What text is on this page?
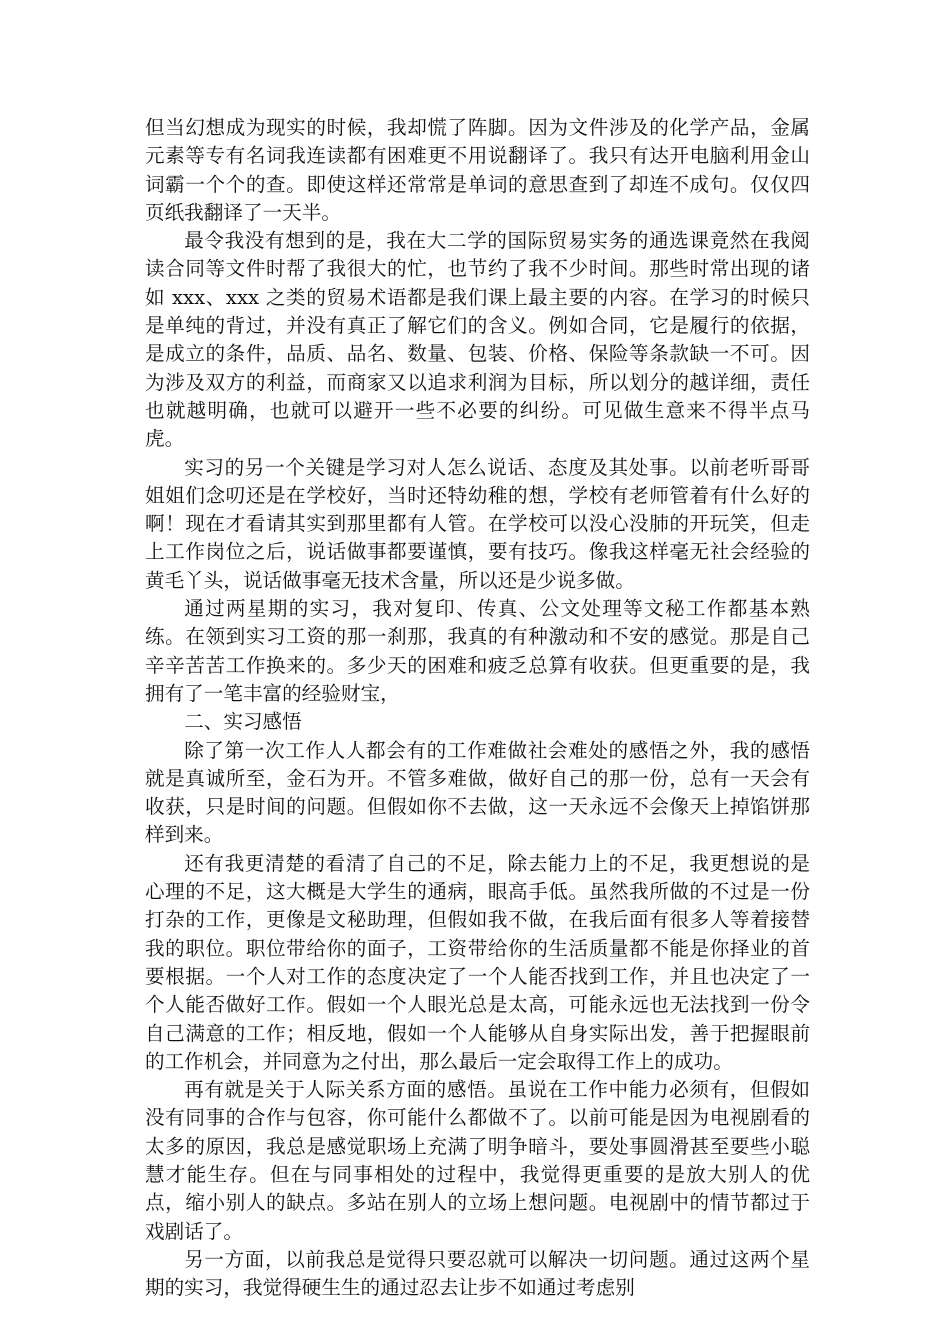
但当幻想成为现实的时候，我却慌了阵脚。因为文件涉及的化学产品，金属元素等专有名词我连读都有困难更不用说翻译了。我只有达开电脑利用金山词霸一个个的查。即使这样还常常是单词的意思查到了却连不成句。仅仅四页纸我翻译了一天半。

最令我没有想到的是，我在大二学的国际贸易实务的通选课竟然在我阅读合同等文件时帮了我很大的忙，也节约了我不少时间。那些时常出现的诸如 xxx、xxx 之类的贸易术语都是我们课上最主要的内容。在学习的时候只是单纯的背过，并没有真正了解它们的含义。例如合同，它是履行的依据，是成立的条件，品质、品名、数量、包装、价格、保险等条款缺一不可。因为涉及双方的利益，而商家又以追求利润为目标，所以划分的越详细，责任也就越明确，也就可以避开一些不必要的纠纷。可见做生意来不得半点马虎。

实习的另一个关键是学习对人怎么说话、态度及其处事。以前老听哥哥姐姐们念叨还是在学校好，当时还特幼稚的想，学校有老师管着有什么好的啊！现在才看请其实到那里都有人管。在学校可以没心没肺的开玩笑，但走上工作岗位之后，说话做事都要谨慎，要有技巧。像我这样毫无社会经验的黄毛丫头，说话做事毫无技术含量，所以还是少说多做。

通过两星期的实习，我对复印、传真、公文处理等文秘工作都基本熟练。在领到实习工资的那一刹那，我真的有种激动和不安的感觉。那是自己辛辛苦苦工作换来的。多少天的困难和疲乏总算有收获。但更重要的是，我拥有了一笔丰富的经验财宝，

二、实习感悟

除了第一次工作人人都会有的工作难做社会难处的感悟之外，我的感悟就是真诚所至，金石为开。不管多难做，做好自己的那一份，总有一天会有收获，只是时间的问题。但假如你不去做，这一天永远不会像天上掉馅饼那样到来。

还有我更清楚的看清了自己的不足，除去能力上的不足，我更想说的是心理的不足，这大概是大学生的通病，眼高手低。虽然我所做的不过是一份打杂的工作，更像是文秘助理，但假如我不做，在我后面有很多人等着接替我的职位。职位带给你的面子，工资带给你的生活质量都不能是你择业的首要根据。一个人对工作的态度决定了一个人能否找到工作，并且也决定了一个人能否做好工作。假如一个人眼光总是太高，可能永远也无法找到一份令自己满意的工作；相反地，假如一个人能够从自身实际出发，善于把握眼前的工作机会，并同意为之付出，那么最后一定会取得工作上的成功。

再有就是关于人际关系方面的感悟。虽说在工作中能力必须有，但假如没有同事的合作与包容，你可能什么都做不了。以前可能是因为电视剧看的太多的原因，我总是感觉职场上充满了明争暗斗，要处事圆滑甚至要些小聪慧才能生存。但在与同事相处的过程中，我觉得更重要的是放大别人的优点，缩小别人的缺点。多站在别人的立场上想问题。电视剧中的情节都过于戏剧话了。

另一方面，以前我总是觉得只要忍就可以解决一切问题。通过这两个星期的实习，我觉得硬生生的通过忍去让步不如通过考虑别
